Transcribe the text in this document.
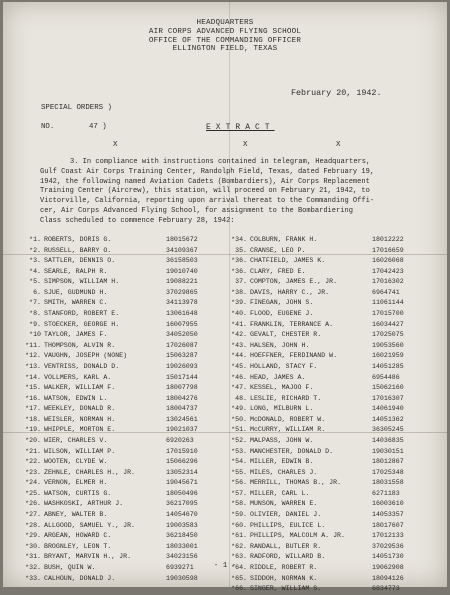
HEADQUARTERS
AIR CORPS ADVANCED FLYING SCHOOL
OFFICE OF THE COMMANDING OFFICER
ELLINGTON FIELD, TEXAS
February 20, 1942.
SPECIAL ORDERS )
NO.	47 )	EXTRACT
X	X	X
3. In compliance with instructions contained in telegram, Headquarters,
Gulf Coast Air Corps Training Center, Randolph Field, Texas, dated February 19,
1942, the following named Aviation Cadets (Bombardiers), Air Corps Replacement
Training Center (Aircrew), this station, will proceed on February 21, 1942, to
Victorville, California, reporting upon arrival thereat to the Commanding Offi-
cer, Air Corps Advanced Flying School, for assignment to the Bombardiering
Class scheduled to commence February 28, 1942:
*1. ROBERTS, DORIS G.	18015672
*2. RUSSELL, BARRY O.	34109367
*3. SATTLER, DENNIS O.	36158503
*4. SEARLE, RALPH R.	19010740
*5. SIMPSON, WILLIAM H.	19088221
6. SJUE, GUDMUND H.	37029865
*7. SMITH, WARREN C.	34113978
*8. STANFORD, ROBERT E.	13061648
*9. STOECKER, GEORGE H.	16007955
*10 TAYLOR, JAMES F.	34052050
*11. THOMPSON, ALVIN R.	17026087
*12. VAUGHN, JOSEPH (NONE)	15063287
*13. VENTRISS, DONALD D.	19026093
*14. VOLLMERS, KARL A.	15017144
*15. WALKER, WILLIAM F.	18007798
*16. WATSON, EDWIN L.	18004276
*17. WEEKLEY, DONALD R.	18004737
*18. WEISLER, NORMAN H.	13024561
*19. WHIPPLE, MORTON E.	19021037
*20. WIER, CHARLES V.	6920263
*21. WILSON, WILLIAM P.	17015910
*22. WOOTEN, CLYDE W.	15066296
*23. ZEHNLE, CHARLES H., JR.	13052314
*24. VERNON, ELMER H.	19045671
*25. WATSON, CURTIS G.	18050496
*26. WASHKOSKI, ARTHUR J.	36217095
*27. ABNEY, WALTER B.	14054670
*28. ALLGOOD, SAMUEL Y., JR.	19003583
*29. ARGEAN, HOWARD C.	36218450
*30. BROGNLEY, LEON T.	18033001
*31. BRYANT, MARVIN H., JR.	34023156
*32. BUSH, QUIN W.	6939271
*33. CALHOUN, DONALD J.	19030598
*34. COLBURN, FRANK H.	18012222
35. CRANSE, LEO P.	17016659
*36. CHATFIELD, JAMES K.	16026068
*36. CLARY, FRED E.	17042423
37. COMPTON, JAMES E., JR.	17016302
*38. DAVIS, HARRY C., JR.	6964741
*39. FINEGAN, JOHN S.	11061144
*40. FLOOD, EUGENE J.	17015700
*41. FRANKLIN, TERRANCE A.	16034427
*42. GEVALT, CHESTER R.	17025075
*43. HALSEN, JOHN H.	19053560
*44. HOEFFNER, FERDINAND W.	16021959
*45. HOLLAND, STACY F.	14051285
*46. HEAD, JAMES A.	6954486
*47. KESSEL, MAJOO F.	15062160
48. LESLIE, RICHARD T.	17016307
*49. LONG, MILBURN L.	14061940
*50. McDONALD, ROBERT W.	14051362
*51. McCURRY, WILLIAM R.	36305245
*52. MALPASS, JOHN W.	14036835
*53. MANCHESTER, DONALD D.	19030151
*54. MILLER, EDWIN B.	18012867
*55. MILES, CHARLES J.	17025348
*56. MERRILL, THOMAS B., JR.	18031558
*57. MILLER, CARL L.	6271183
*58. MUNSON, WARREN E.	16003610
*59. OLIVIER, DANIEL J.	14053357
*60. PHILLIPS, EULICE L.	18017607
*61. PHILLIPS, MALCOLM A. JR.	17012133
*62. RANDALL, BUTLER R.	37029536
*63. RADFORD, WILLARD B.	14051730
*64. RIDDLE, ROBERT R.	19062908
*65. SIDDOH, NORMAN K.	18094126
*66. SINGER, WILLIAM S.	6834773
- 1 -
